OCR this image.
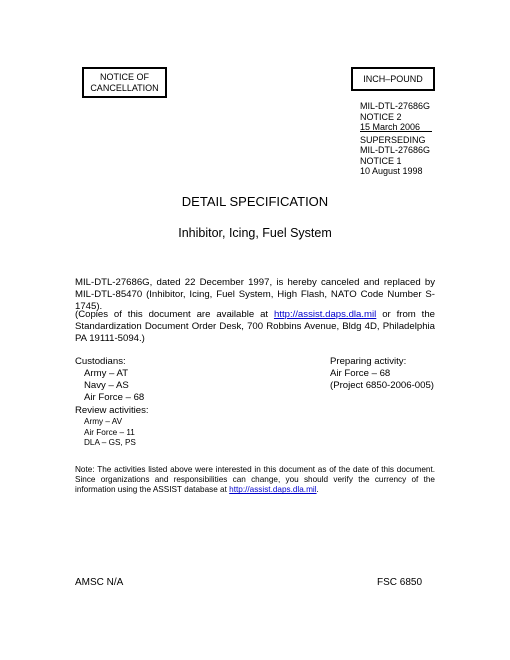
NOTICE OF
CANCELLATION
INCH–POUND
MIL-DTL-27686G
NOTICE 2
15 March 2006
SUPERSEDING
MIL-DTL-27686G
NOTICE 1
10 August 1998
DETAIL SPECIFICATION
Inhibitor, Icing, Fuel System
MIL-DTL-27686G, dated 22 December 1997, is hereby canceled and replaced by MIL-DTL-85470 (Inhibitor, Icing, Fuel System, High Flash, NATO Code Number S-1745).
(Copies of this document are available at http://assist.daps.dla.mil or from the Standardization Document Order Desk, 700 Robbins Avenue, Bldg 4D, Philadelphia PA 19111-5094.)
Custodians:
Army – AT
Navy – AS
Air Force – 68
Preparing activity:
Air Force – 68
(Project 6850-2006-005)
Review activities:
Army – AV
Air Force – 11
DLA – GS, PS
Note: The activities listed above were interested in this document as of the date of this document. Since organizations and responsibilities can change, you should verify the currency of the information using the ASSIST database at http://assist.daps.dla.mil.
AMSC N/A	FSC 6850
